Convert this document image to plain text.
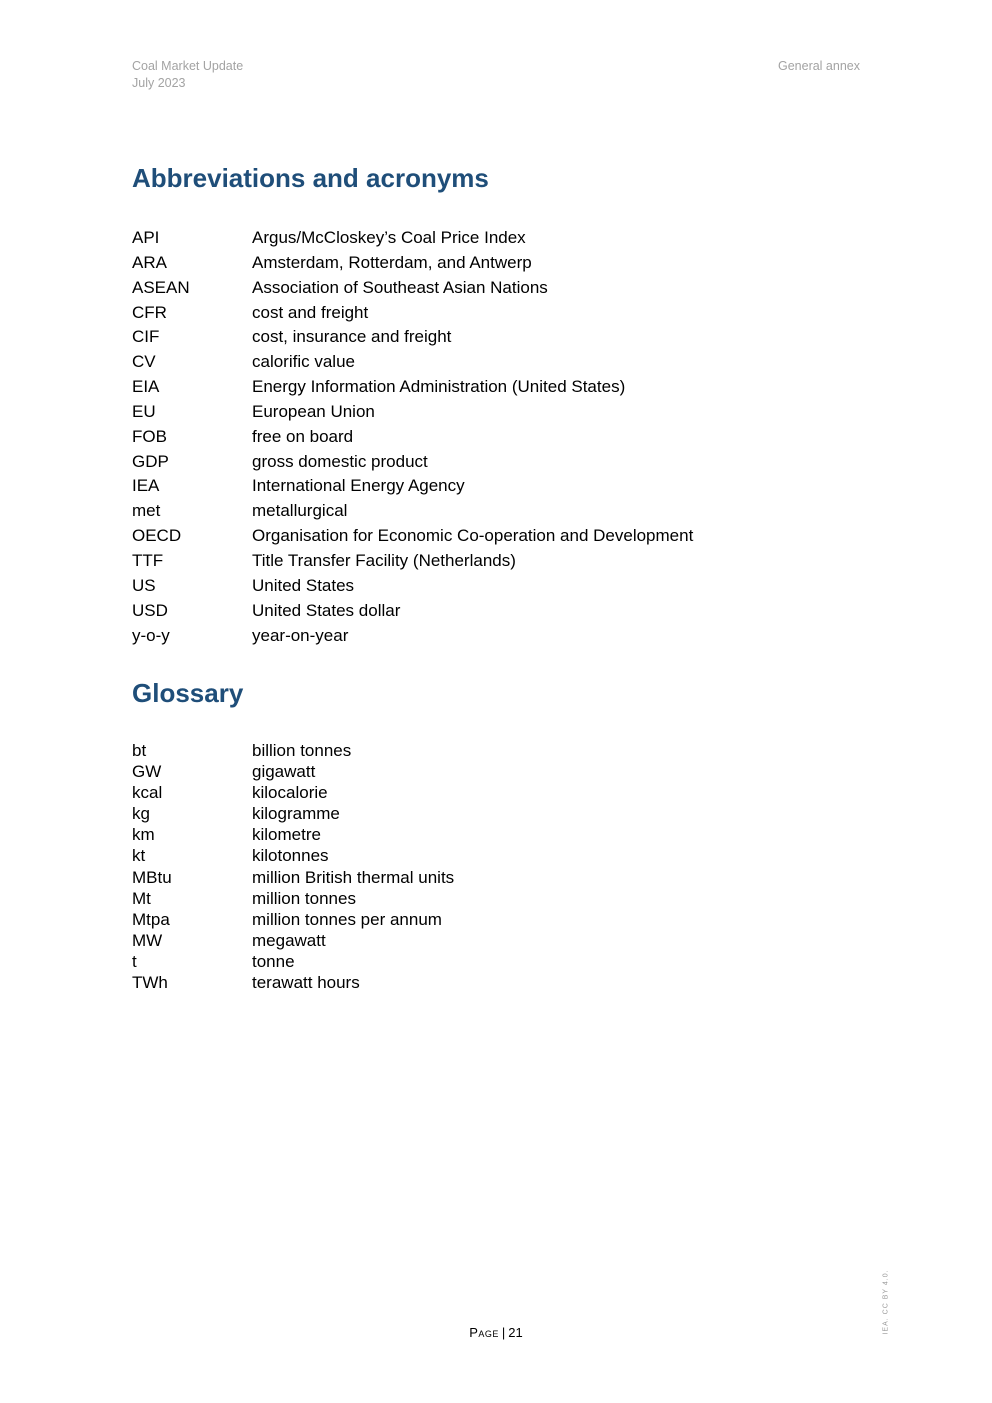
Coal Market Update
July 2023
General annex
Abbreviations and acronyms
API	Argus/McCloskey’s Coal Price Index
ARA	Amsterdam, Rotterdam, and Antwerp
ASEAN	Association of Southeast Asian Nations
CFR	cost and freight
CIF	cost, insurance and freight
CV	calorific value
EIA	Energy Information Administration (United States)
EU	European Union
FOB	free on board
GDP	gross domestic product
IEA	International Energy Agency
met	metallurgical
OECD	Organisation for Economic Co-operation and Development
TTF	Title Transfer Facility (Netherlands)
US	United States
USD	United States dollar
y-o-y	year-on-year
Glossary
bt	billion tonnes
GW	gigawatt
kcal	kilocalorie
kg	kilogramme
km	kilometre
kt	kilotonnes
MBtu	million British thermal units
Mt	million tonnes
Mtpa	million tonnes per annum
MW	megawatt
t	tonne
TWh	terawatt hours
Page | 21	IEA. CC BY 4.0.
